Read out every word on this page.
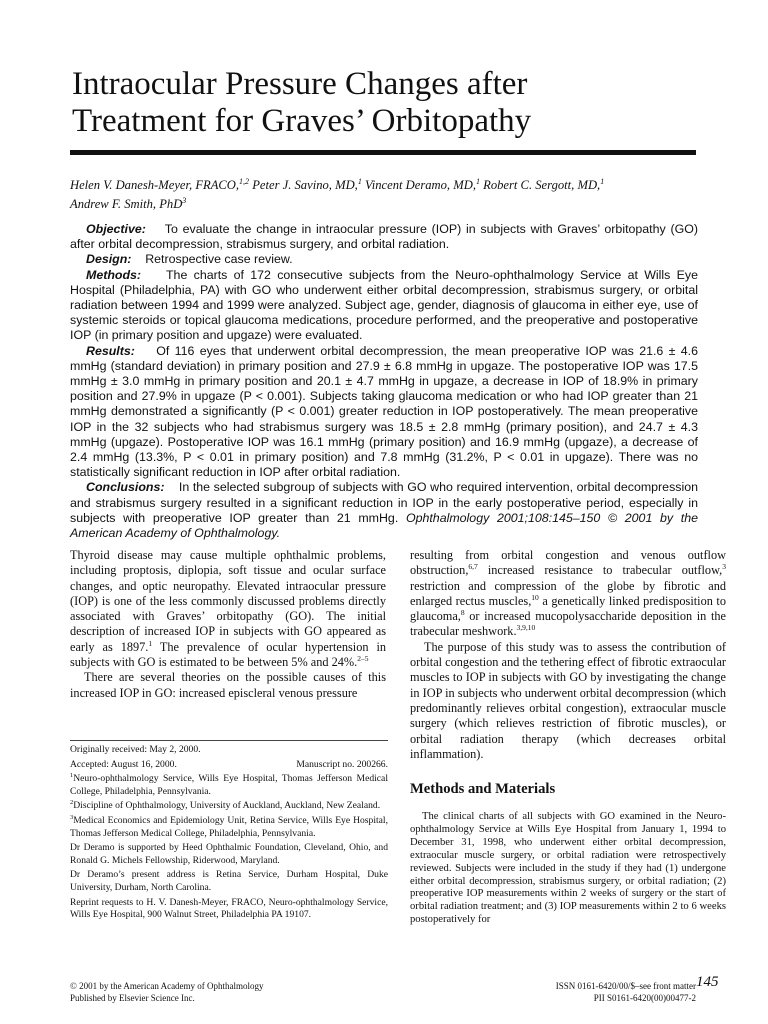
Intraocular Pressure Changes after
Treatment for Graves’ Orbitopathy
Helen V. Danesh-Meyer, FRACO,$^{1,2}$ Peter J. Savino, MD,$^1$ Vincent Deramo, MD,$^1$ Robert C. Sergott, MD,$^1$
Andrew F. Smith, PhD$^3$

Objective: To evaluate the change in intraocular pressure (IOP) in subjects with Graves’ orbitopathy (GO) after orbital decompression, strabismus surgery, and orbital radiation.

Design: Retrospective case review.

Methods: The charts of 172 consecutive subjects from the Neuro-ophthalmology Service at Wills Eye Hospital (Philadelphia, PA) with GO who underwent either orbital decompression, strabismus surgery, or orbital radiation between 1994 and 1999 were analyzed. Subject age, gender, diagnosis of glaucoma in either eye, use of systemic steroids or topical glaucoma medications, procedure performed, and the preoperative and postoperative IOP (in primary position and upgaze) were evaluated.

Results: Of 116 eyes that underwent orbital decompression, the mean preoperative IOP was 21.6 ± 4.6 mmHg (standard deviation) in primary position and 27.9 ± 6.8 mmHg in upgaze. The postoperative IOP was 17.5 mmHg ± 3.0 mmHg in primary position and 20.1 ± 4.7 mmHg in upgaze, a decrease in IOP of 18.9% in primary position and 27.9% in upgaze (P < 0.001). Subjects taking glaucoma medication or who had IOP greater than 21 mmHg demonstrated a significantly (P < 0.001) greater reduction in IOP postoperatively. The mean preoperative IOP in the 32 subjects who had strabismus surgery was 18.5 ± 2.8 mmHg (primary position), and 24.7 ± 4.3 mmHg (upgaze). Postoperative IOP was 16.1 mmHg (primary position) and 16.9 mmHg (upgaze), a decrease of 2.4 mmHg (13.3%, P < 0.01 in primary position) and 7.8 mmHg (31.2%, P < 0.01 in upgaze). There was no statistically significant reduction in IOP after orbital radiation.

Conclusions: In the selected subgroup of subjects with GO who required intervention, orbital decompression and strabismus surgery resulted in a significant reduction in IOP in the early postoperative period, especially in subjects with preoperative IOP greater than 21 mmHg. Ophthalmology 2001;108:145–150 © 2001 by the American Academy of Ophthalmology.

Thyroid disease may cause multiple ophthalmic problems, including proptosis, diplopia, soft tissue and ocular surface changes, and optic neuropathy. Elevated intraocular pressure (IOP) is one of the less commonly discussed problems directly associated with Graves’ orbitopathy (GO). The initial description of increased IOP in subjects with GO appeared as early as 1897.$^1$ The prevalence of ocular hypertension in subjects with GO is estimated to be between 5% and 24%.$^{2-5}$

There are several theories on the possible causes of this increased IOP in GO: increased episcleral venous pressure

Originally received: May 2, 2000.
Accepted: August 16, 2000.	Manuscript no. 200266.
$^1$Neuro-ophthalmology Service, Wills Eye Hospital, Thomas Jefferson Medical College, Philadelphia, Pennsylvania.
$^2$Discipline of Ophthalmology, University of Auckland, Auckland, New Zealand.
$^3$Medical Economics and Epidemiology Unit, Retina Service, Wills Eye Hospital, Thomas Jefferson Medical College, Philadelphia, Pennsylvania.
Dr Deramo is supported by Heed Ophthalmic Foundation, Cleveland, Ohio, and Ronald G. Michels Fellowship, Riderwood, Maryland.
Dr Deramo’s present address is Retina Service, Durham Hospital, Duke University, Durham, North Carolina.
Reprint requests to H. V. Danesh-Meyer, FRACO, Neuro-ophthalmology Service, Wills Eye Hospital, 900 Walnut Street, Philadelphia PA 19107.

resulting from orbital congestion and venous outflow obstruction,$^{6,7}$ increased resistance to trabecular outflow,$^3$ restriction and compression of the globe by fibrotic and enlarged rectus muscles,$^{10}$ a genetically linked predisposition to glaucoma,$^8$ or increased mucopolysaccharide deposition in the trabecular meshwork.$^{3,9,10}$

The purpose of this study was to assess the contribution of orbital congestion and the tethering effect of fibrotic extraocular muscles to IOP in subjects with GO by investigating the change in IOP in subjects who underwent orbital decompression (which predominantly relieves orbital congestion), extraocular muscle surgery (which relieves restriction of fibrotic muscles), or orbital radiation therapy (which decreases orbital inflammation).

Methods and Materials

The clinical charts of all subjects with GO examined in the Neuro-ophthalmology Service at Wills Eye Hospital from January 1, 1994 to December 31, 1998, who underwent either orbital decompression, extraocular muscle surgery, or orbital radiation were retrospectively reviewed. Subjects were included in the study if they had (1) undergone either orbital decompression, strabismus surgery, or orbital radiation; (2) preoperative IOP measurements within 2 weeks of surgery or the start of orbital radiation treatment; and (3) IOP measurements within 2 to 6 weeks postoperatively for

© 2001 by the American Academy of Ophthalmology
Published by Elsevier Science Inc.
ISSN 0161-6420/00/$–see front matter
PII S0161-6420(00)00477-2
145
